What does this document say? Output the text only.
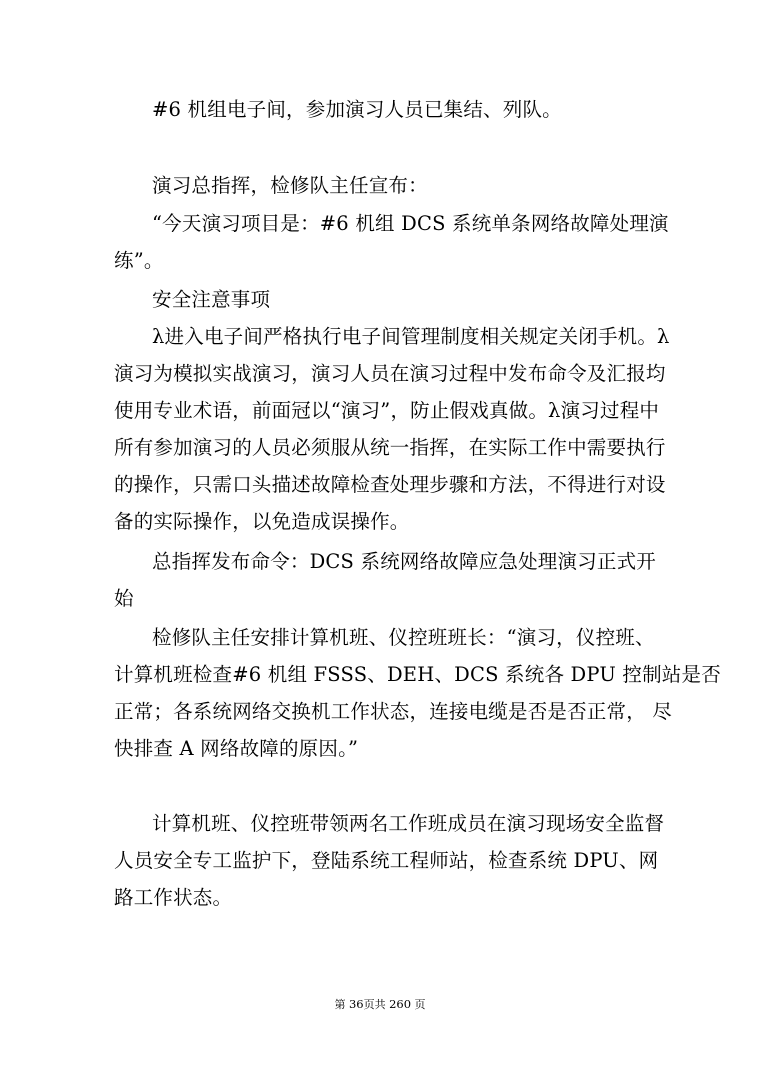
#6 机组电子间，参加演习人员已集结、列队。
演习总指挥，检修队主任宣布：
“今天演习项目是：#6 机组 DCS 系统单条网络故障处理演
练”。
安全注意事项
λ进入电子间严格执行电子间管理制度相关规定关闭手机。λ
演习为模拟实战演习，演习人员在演习过程中发布命令及汇报均
使用专业术语，前面冠以“演习”，防止假戏真做。λ演习过程中
所有参加演习的人员必须服从统一指挥，在实际工作中需要执行
的操作，只需口头描述故障检查处理步骤和方法，不得进行对设
备的实际操作，以免造成误操作。
总指挥发布命令：DCS 系统网络故障应急处理演习正式开
始
检修队主任安排计算机班、仪控班班长：“演习，仪控班、
计算机班检查#6 机组 FSSS、DEH、DCS 系统各 DPU 控制站是否
正常；各系统网络交换机工作状态，连接电缆是否是否正常， 尽
快排查 A 网络故障的原因。”
计算机班、仪控班带领两名工作班成员在演习现场安全监督
人员安全专工监护下，登陆系统工程师站，检查系统 DPU、网
路工作状态。
第 36页共 260 页
